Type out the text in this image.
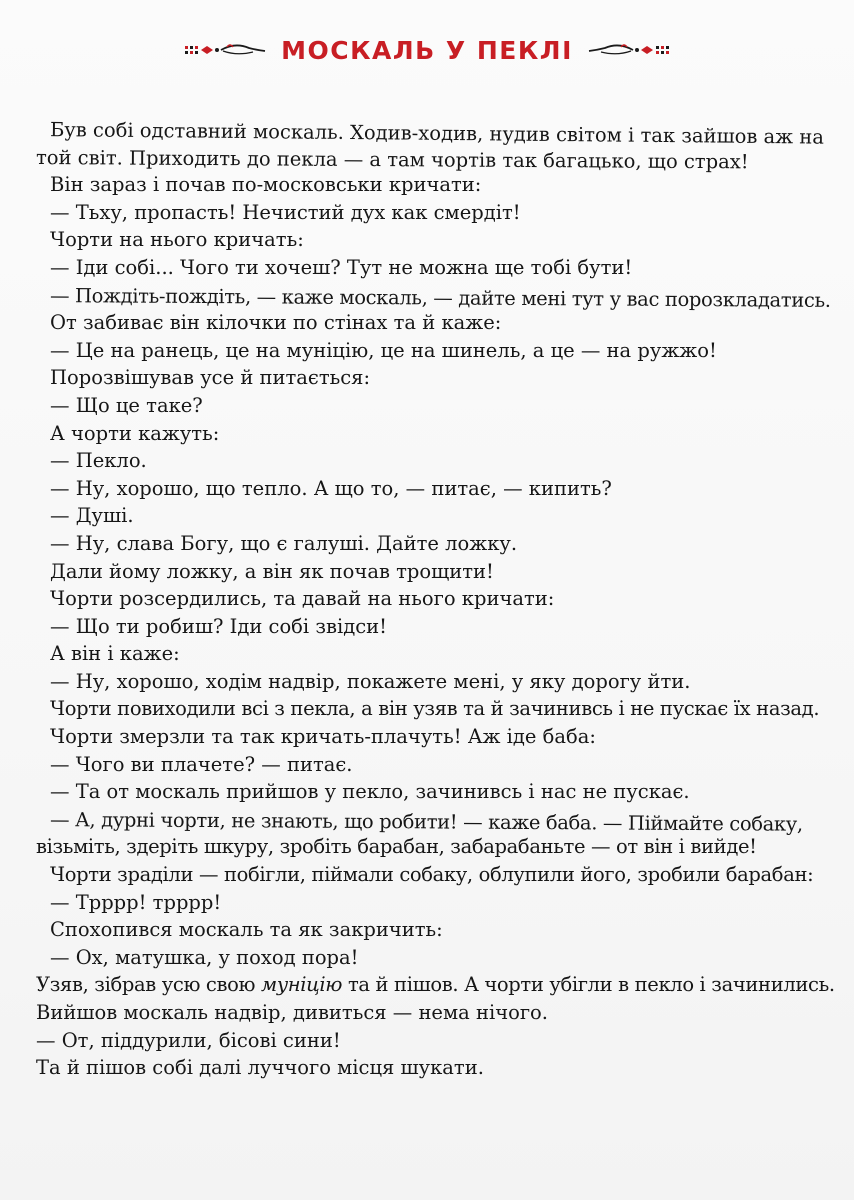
МОСКАЛЬ У ПЕКЛІ
Був собі одставний москаль. Ходив-ходив, нудив світом і так зайшов аж на
той світ. Приходить до пекла — а там чортів так багацько, що страх!
Він зараз і почав по-московськи кричати:
— Тьху, пропасть! Нечистий дух как смердіт!
Чорти на нього кричать:
— Іди собі... Чого ти хочеш? Тут не можна ще тобі бути!
— Пождіть-пождіть, — каже москаль, — дайте мені тут у вас порозкладатись.
От забиває він кілочки по стінах та й каже:
— Це на ранець, це на муніцію, це на шинель, а це — на ружжо!
Порозвішував усе й питається:
— Що це таке?
А чорти кажуть:
— Пекло.
— Ну, хорошо, що тепло. А що то, — питає, — кипить?
— Душі.
— Ну, слава Богу, що є галуші. Дайте ложку.
Дали йому ложку, а він як почав трощити!
Чорти розсердились, та давай на нього кричати:
— Що ти робиш? Іди собі звідси!
А він і каже:
— Ну, хорошо, ходім надвір, покажете мені, у яку дорогу йти.
Чорти повиходили всі з пекла, а він узяв та й зачинивсь і не пускає їх назад.
Чорти змерзли та так кричать-плачуть! Аж іде баба:
— Чого ви плачете? — питає.
— Та от москаль прийшов у пекло, зачинивсь і нас не пускає.
— А, дурні чорти, не знають, що робити! — каже баба. — Піймайте собаку,
візьміть, здеріть шкуру, зробіть барабан, забарабаньте — от він і вийде!
Чорти зраділи — побігли, піймали собаку, облупили його, зробили барабан:
— Трррр! трррр!
Спохопився москаль та як закричить:
— Ох, матушка, у поход пора!
Узяв, зібрав усю свою муніцію та й пішов. А чорти убігли в пекло і зачинились.
Вийшов москаль надвір, дивиться — нема нічого.
— От, піддурили, бісові сини!
Та й пішов собі далі луччого місця шукати.
